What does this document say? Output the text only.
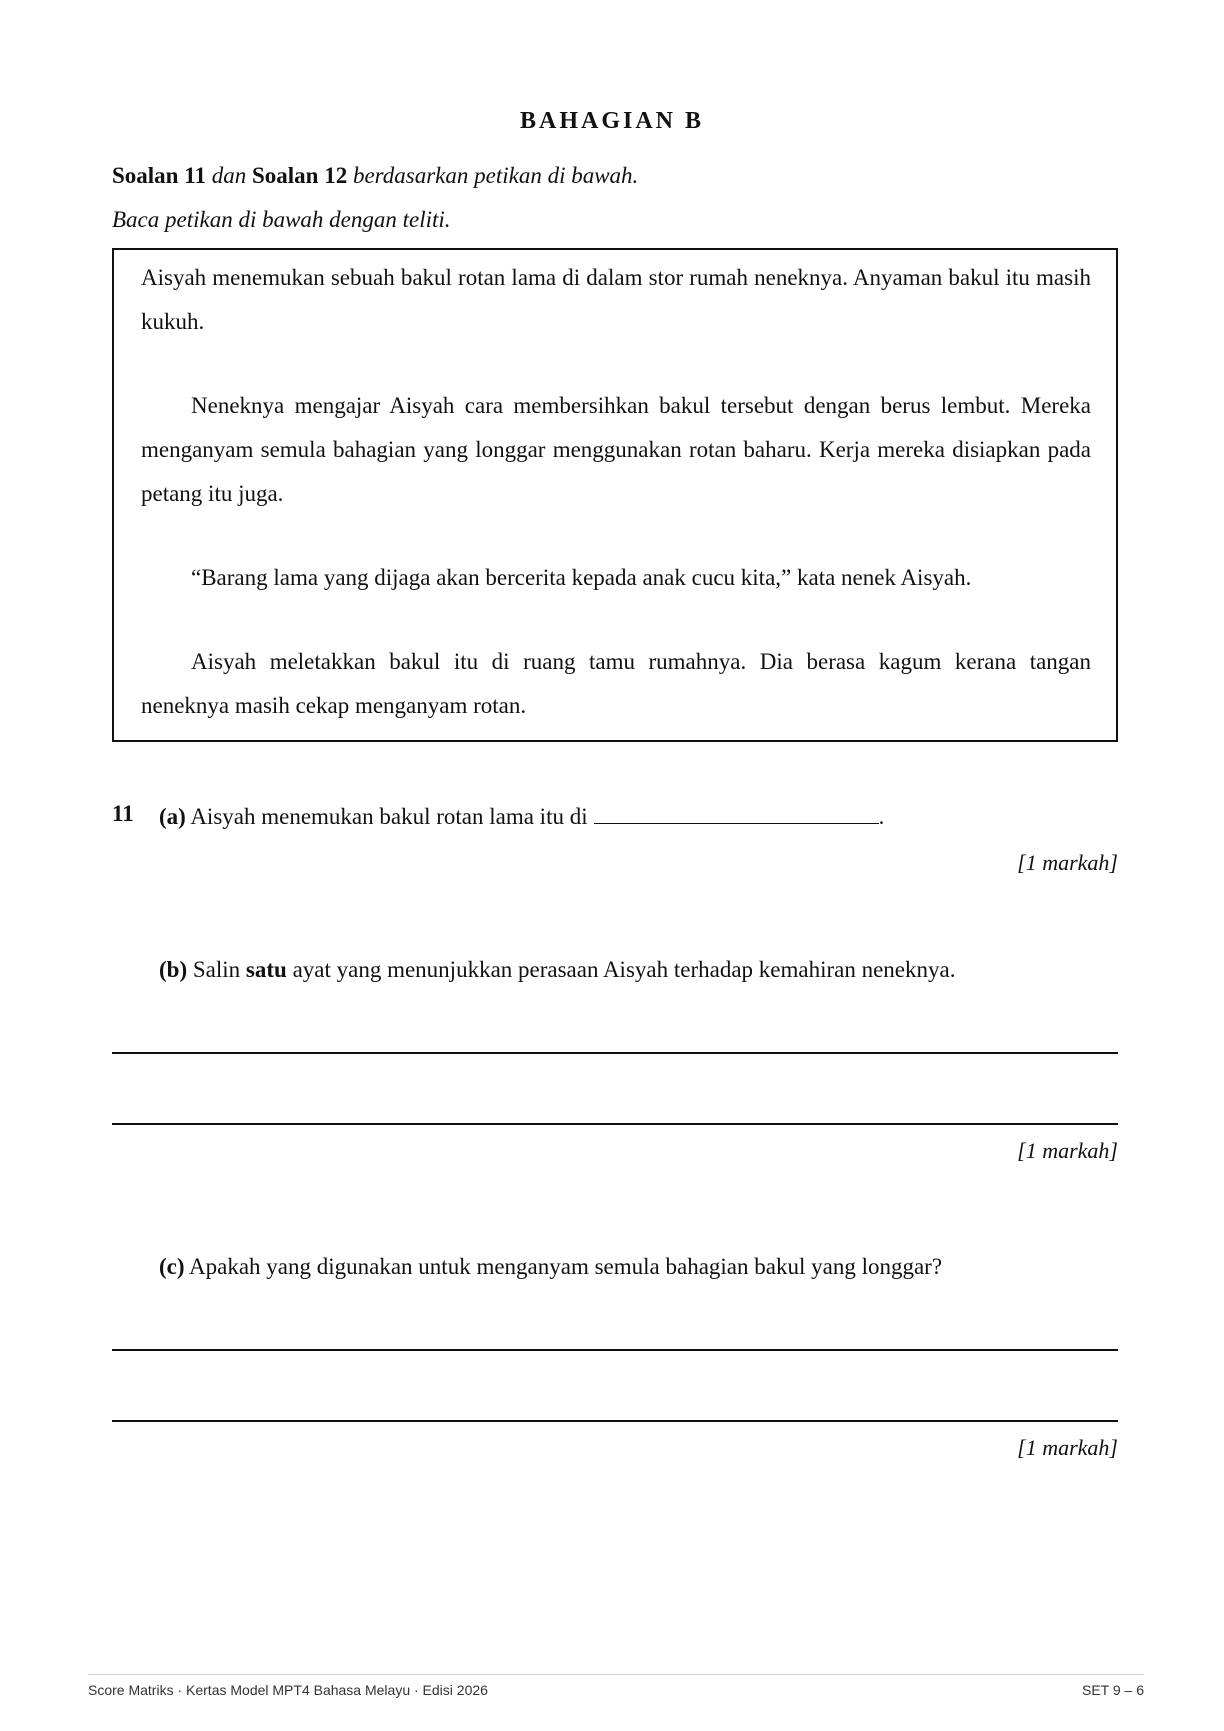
BAHAGIAN B
Soalan 11 dan Soalan 12 berdasarkan petikan di bawah.
Baca petikan di bawah dengan teliti.
Aisyah menemukan sebuah bakul rotan lama di dalam stor rumah neneknya. Anyaman bakul itu masih kukuh.
Neneknya mengajar Aisyah cara membersihkan bakul tersebut dengan berus lembut. Mereka menganyam semula bahagian yang longgar menggunakan rotan baharu. Kerja mereka disiapkan pada petang itu juga.
“Barang lama yang dijaga akan bercerita kepada anak cucu kita,” kata nenek Aisyah.
Aisyah meletakkan bakul itu di ruang tamu rumahnya. Dia berasa kagum kerana tangan neneknya masih cekap menganyam rotan.
11 (a) Aisyah menemukan bakul rotan lama itu di	.
[1 markah]
(b) Salin satu ayat yang menunjukkan perasaan Aisyah terhadap kemahiran neneknya.
[1 markah]
(c) Apakah yang digunakan untuk menganyam semula bahagian bakul yang longgar?
[1 markah]
Score Matriks · Kertas Model MPT4 Bahasa Melayu · Edisi 2026	SET 9 – 6
